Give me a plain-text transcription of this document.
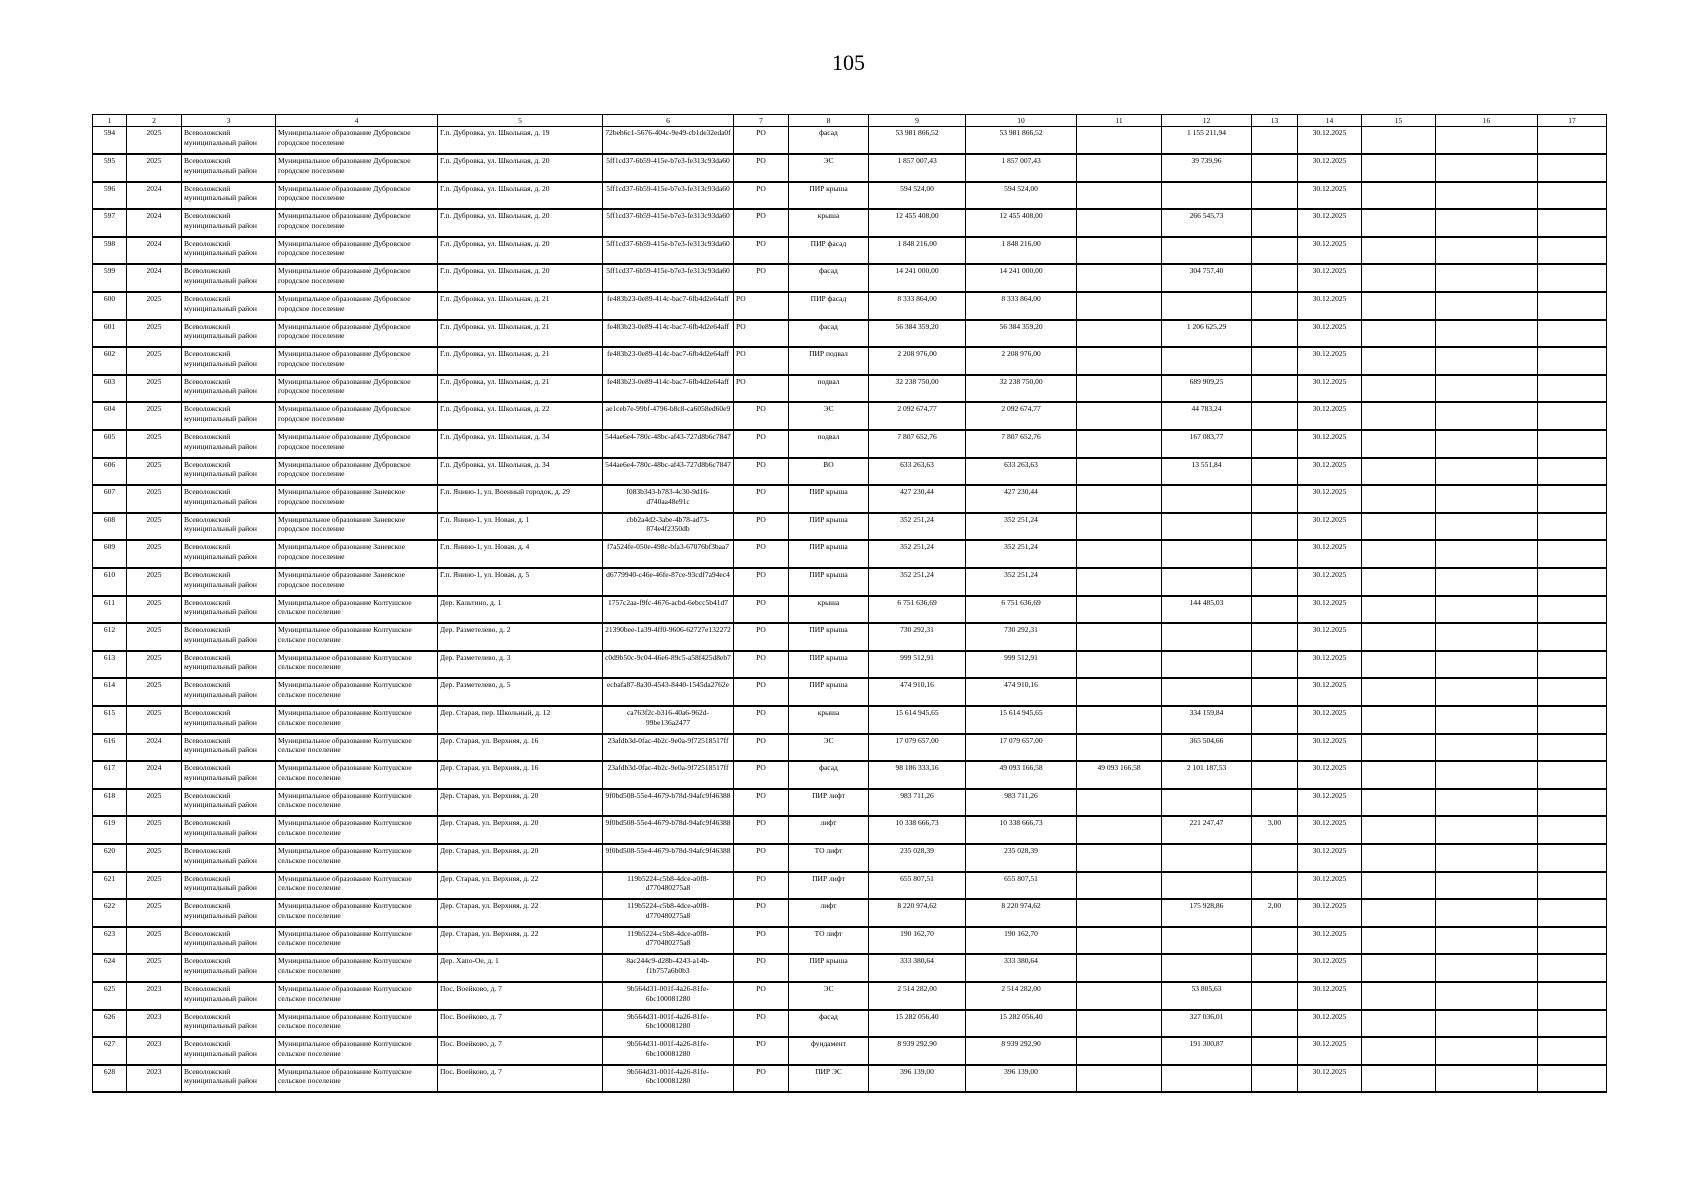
105
1	2	3	4	5	6	7	8	9	10	11	12	13	14	15	16	17
594	2025	Всеволожский муниципальный район	Муниципальное образование Дубровское городское поселение	Г.п. Дубровка, ул. Школьная, д. 19	72beb6c1-5676-404c-9e49-cb1de32eda0f	РО	фасад	53 981 866,52	53 981 866,52		1 155 211,94		30.12.2025			
595	2025	Всеволожский муниципальный район	Муниципальное образование Дубровское городское поселение	Г.п. Дубровка, ул. Школьная, д. 20	5ff1cd37-6b59-415e-b7e3-fe313c93da60	РО	ЭС	1 857 007,43	1 857 007,43		39 739,96		30.12.2025			
596	2024	Всеволожский муниципальный район	Муниципальное образование Дубровское городское поселение	Г.п. Дубровка, ул. Школьная, д. 20	5ff1cd37-6b59-415e-b7e3-fe313c93da60	РО	ПИР крыша	594 524,00	594 524,00				30.12.2025			
597	2024	Всеволожский муниципальный район	Муниципальное образование Дубровское городское поселение	Г.п. Дубровка, ул. Школьная, д. 20	5ff1cd37-6b59-415e-b7e3-fe313c93da60	РО	крыша	12 455 408,00	12 455 408,00		266 545,73		30.12.2025			
598	2024	Всеволожский муниципальный район	Муниципальное образование Дубровское городское поселение	Г.п. Дубровка, ул. Школьная, д. 20	5ff1cd37-6b59-415e-b7e3-fe313c93da60	РО	ПИР фасад	1 848 216,00	1 848 216,00				30.12.2025			
599	2024	Всеволожский муниципальный район	Муниципальное образование Дубровское городское поселение	Г.п. Дубровка, ул. Школьная, д. 20	5ff1cd37-6b59-415e-b7e3-fe313c93da60	РО	фасад	14 241 000,00	14 241 000,00		304 757,40		30.12.2025			
600	2025	Всеволожский муниципальный район	Муниципальное образование Дубровское городское поселение	Г.п. Дубровка, ул. Школьная, д. 21	fe483b23-0e89-414c-bac7-6fb4d2e64aff	РО	ПИР фасад	8 333 864,00	8 333 864,00				30.12.2025			
601	2025	Всеволожский муниципальный район	Муниципальное образование Дубровское городское поселение	Г.п. Дубровка, ул. Школьная, д. 21	fe483b23-0e89-414c-bac7-6fb4d2e64aff	РО	фасад	56 384 359,20	56 384 359,20		1 206 625,29		30.12.2025			
602	2025	Всеволожский муниципальный район	Муниципальное образование Дубровское городское поселение	Г.п. Дубровка, ул. Школьная, д. 21	fe483b23-0e89-414c-bac7-6fb4d2e64aff	РО	ПИР подвал	2 208 976,00	2 208 976,00				30.12.2025			
603	2025	Всеволожский муниципальный район	Муниципальное образование Дубровское городское поселение	Г.п. Дубровка, ул. Школьная, д. 21	fe483b23-0e89-414c-bac7-6fb4d2e64aff	РО	подвал	32 238 750,00	32 238 750,00		689 909,25		30.12.2025			
604	2025	Всеволожский муниципальный район	Муниципальное образование Дубровское городское поселение	Г.п. Дубровка, ул. Школьная, д. 22	ae1ceb7e-99bf-4796-b8c8-ca6058ed60e9	РО	ЭС	2 092 674,77	2 092 674,77		44 783,24		30.12.2025			
605	2025	Всеволожский муниципальный район	Муниципальное образование Дубровское городское поселение	Г.п. Дубровка, ул. Школьная, д. 34	544ae6e4-780c-48bc-af43-727d8b6c7847	РО	подвал	7 807 652,76	7 807 652,76		167 083,77		30.12.2025			
606	2025	Всеволожский муниципальный район	Муниципальное образование Дубровское городское поселение	Г.п. Дубровка, ул. Школьная, д. 34	544ae6e4-780c-48bc-af43-727d8b6c7847	РО	ВО	633 263,63	633 263,63		13 551,84		30.12.2025			
607	2025	Всеволожский муниципальный район	Муниципальное образование Заневское городское поселение	Г.п. Янино-1, ул. Военный городок, д. 29	f083b343-b783-4c30-9d16-d740aa48e91c	РО	ПИР крыша	427 230,44	427 230,44				30.12.2025			
608	2025	Всеволожский муниципальный район	Муниципальное образование Заневское городское поселение	Г.п. Янино-1, ул. Новая, д. 1	cbb2a4d2-3abe-4b78-ad73-874e4f2350db	РО	ПИР крыша	352 251,24	352 251,24				30.12.2025			
609	2025	Всеволожский муниципальный район	Муниципальное образование Заневское городское поселение	Г.п. Янино-1, ул. Новая, д. 4	f7a524fe-050e-498c-bfa3-67076bf3baa7	РО	ПИР крыша	352 251,24	352 251,24				30.12.2025			
610	2025	Всеволожский муниципальный район	Муниципальное образование Заневское городское поселение	Г.п. Янино-1, ул. Новая, д. 5	d6779940-c46e-46fe-87ce-93cdf7a94ec4	РО	ПИР крыша	352 251,24	352 251,24				30.12.2025			
611	2025	Всеволожский муниципальный район	Муниципальное образование Колтушское сельское поселение	Дер. Кальтино, д. 1	1757c2aa-f9fc-4676-acbd-6ebcc5b41d7	РО	крыша	6 751 636,69	6 751 636,69		144 485,03		30.12.2025			
612	2025	Всеволожский муниципальный район	Муниципальное образование Колтушское сельское поселение	Дер. Разметелево, д. 2	21390bee-1a39-4ff0-9606-62727e132272	РО	ПИР крыша	730 292,31	730 292,31				30.12.2025			
613	2025	Всеволожский муниципальный район	Муниципальное образование Колтушское сельское поселение	Дер. Разметелево, д. 3	c0d9b50c-9c04-46e6-89c5-a58f425d8eb7	РО	ПИР крыша	999 512,91	999 512,91				30.12.2025			
614	2025	Всеволожский муниципальный район	Муниципальное образование Колтушское сельское поселение	Дер. Разметелево, д. 5	ecbafa87-8a30-4543-8440-1545da2762e	РО	ПИР крыша	474 910,16	474 910,16				30.12.2025			
615	2025	Всеволожский муниципальный район	Муниципальное образование Колтушское сельское поселение	Дер. Старая, пер. Школьный, д. 12	ca763f2c-b316-40a6-962d-99be136a2477	РО	крыша	15 614 945,65	15 614 945,65		334 159,84		30.12.2025			
616	2024	Всеволожский муниципальный район	Муниципальное образование Колтушское сельское поселение	Дер. Старая, ул. Верхняя, д. 16	23afdb3d-0fac-4b2c-9e0a-9f72518517ff	РО	ЭС	17 079 657,00	17 079 657,00		365 504,66		30.12.2025			
617	2024	Всеволожский муниципальный район	Муниципальное образование Колтушское сельское поселение	Дер. Старая, ул. Верхняя, д. 16	23afdb3d-0fac-4b2c-9e0a-9f72518517ff	РО	фасад	98 186 333,16	49 093 166,58	49 093 166,58	2 101 187,53		30.12.2025			
618	2025	Всеволожский муниципальный район	Муниципальное образование Колтушское сельское поселение	Дер. Старая, ул. Верхняя, д. 20	9f0bd508-55e4-4679-b78d-94afc9f46388	РО	ПИР лифт	983 711,26	983 711,26				30.12.2025			
619	2025	Всеволожский муниципальный район	Муниципальное образование Колтушское сельское поселение	Дер. Старая, ул. Верхняя, д. 20	9f0bd508-55e4-4679-b78d-94afc9f46388	РО	лифт	10 338 666,73	10 338 666,73		221 247,47	3,00	30.12.2025			
620	2025	Всеволожский муниципальный район	Муниципальное образование Колтушское сельское поселение	Дер. Старая, ул. Верхняя, д. 20	9f0bd508-55e4-4679-b78d-94afc9f46388	РО	ТО лифт	235 028,39	235 028,39				30.12.2025			
621	2025	Всеволожский муниципальный район	Муниципальное образование Колтушское сельское поселение	Дер. Старая, ул. Верхняя, д. 22	119b5224-c5b8-4dce-a0f8-d770480275a8	РО	ПИР лифт	655 807,51	655 807,51				30.12.2025			
622	2025	Всеволожский муниципальный район	Муниципальное образование Колтушское сельское поселение	Дер. Старая, ул. Верхняя, д. 22	119b5224-c5b8-4dce-a0f8-d770480275a8	РО	лифт	8 220 974,62	8 220 974,62		175 928,86	2,00	30.12.2025			
623	2025	Всеволожский муниципальный район	Муниципальное образование Колтушское сельское поселение	Дер. Старая, ул. Верхняя, д. 22	119b5224-c5b8-4dce-a0f8-d770480275a8	РО	ТО лифт	190 162,70	190 162,70				30.12.2025			
624	2025	Всеволожский муниципальный район	Муниципальное образование Колтушское сельское поселение	Дер. Хапо-Ое, д. 1	8ac244c9-d28b-4243-a14b-f1b757a6b0b3	РО	ПИР крыша	333 380,64	333 380,64				30.12.2025			
625	2023	Всеволожский муниципальный район	Муниципальное образование Колтушское сельское поселение	Пос. Воейково, д. 7	9b564d31-001f-4a26-81fe-6bc100081280	РО	ЭС	2 514 282,00	2 514 282,00		53 805,63		30.12.2025			
626	2023	Всеволожский муниципальный район	Муниципальное образование Колтушское сельское поселение	Пос. Воейково, д. 7	9b564d31-001f-4a26-81fe-6bc100081280	РО	фасад	15 282 056,40	15 282 056,40		327 036,01		30.12.2025			
627	2023	Всеволожский муниципальный район	Муниципальное образование Колтушское сельское поселение	Пос. Воейково, д. 7	9b564d31-001f-4a26-81fe-6bc100081280	РО	фундамент	8 939 292,90	8 939 292,90		191 300,87		30.12.2025			
628	2023	Всеволожский муниципальный район	Муниципальное образование Колтушское сельское поселение	Пос. Воейково, д. 7	9b564d31-001f-4a26-81fe-6bc100081280	РО	ПИР ЭС	396 139,00	396 139,00				30.12.2025			
